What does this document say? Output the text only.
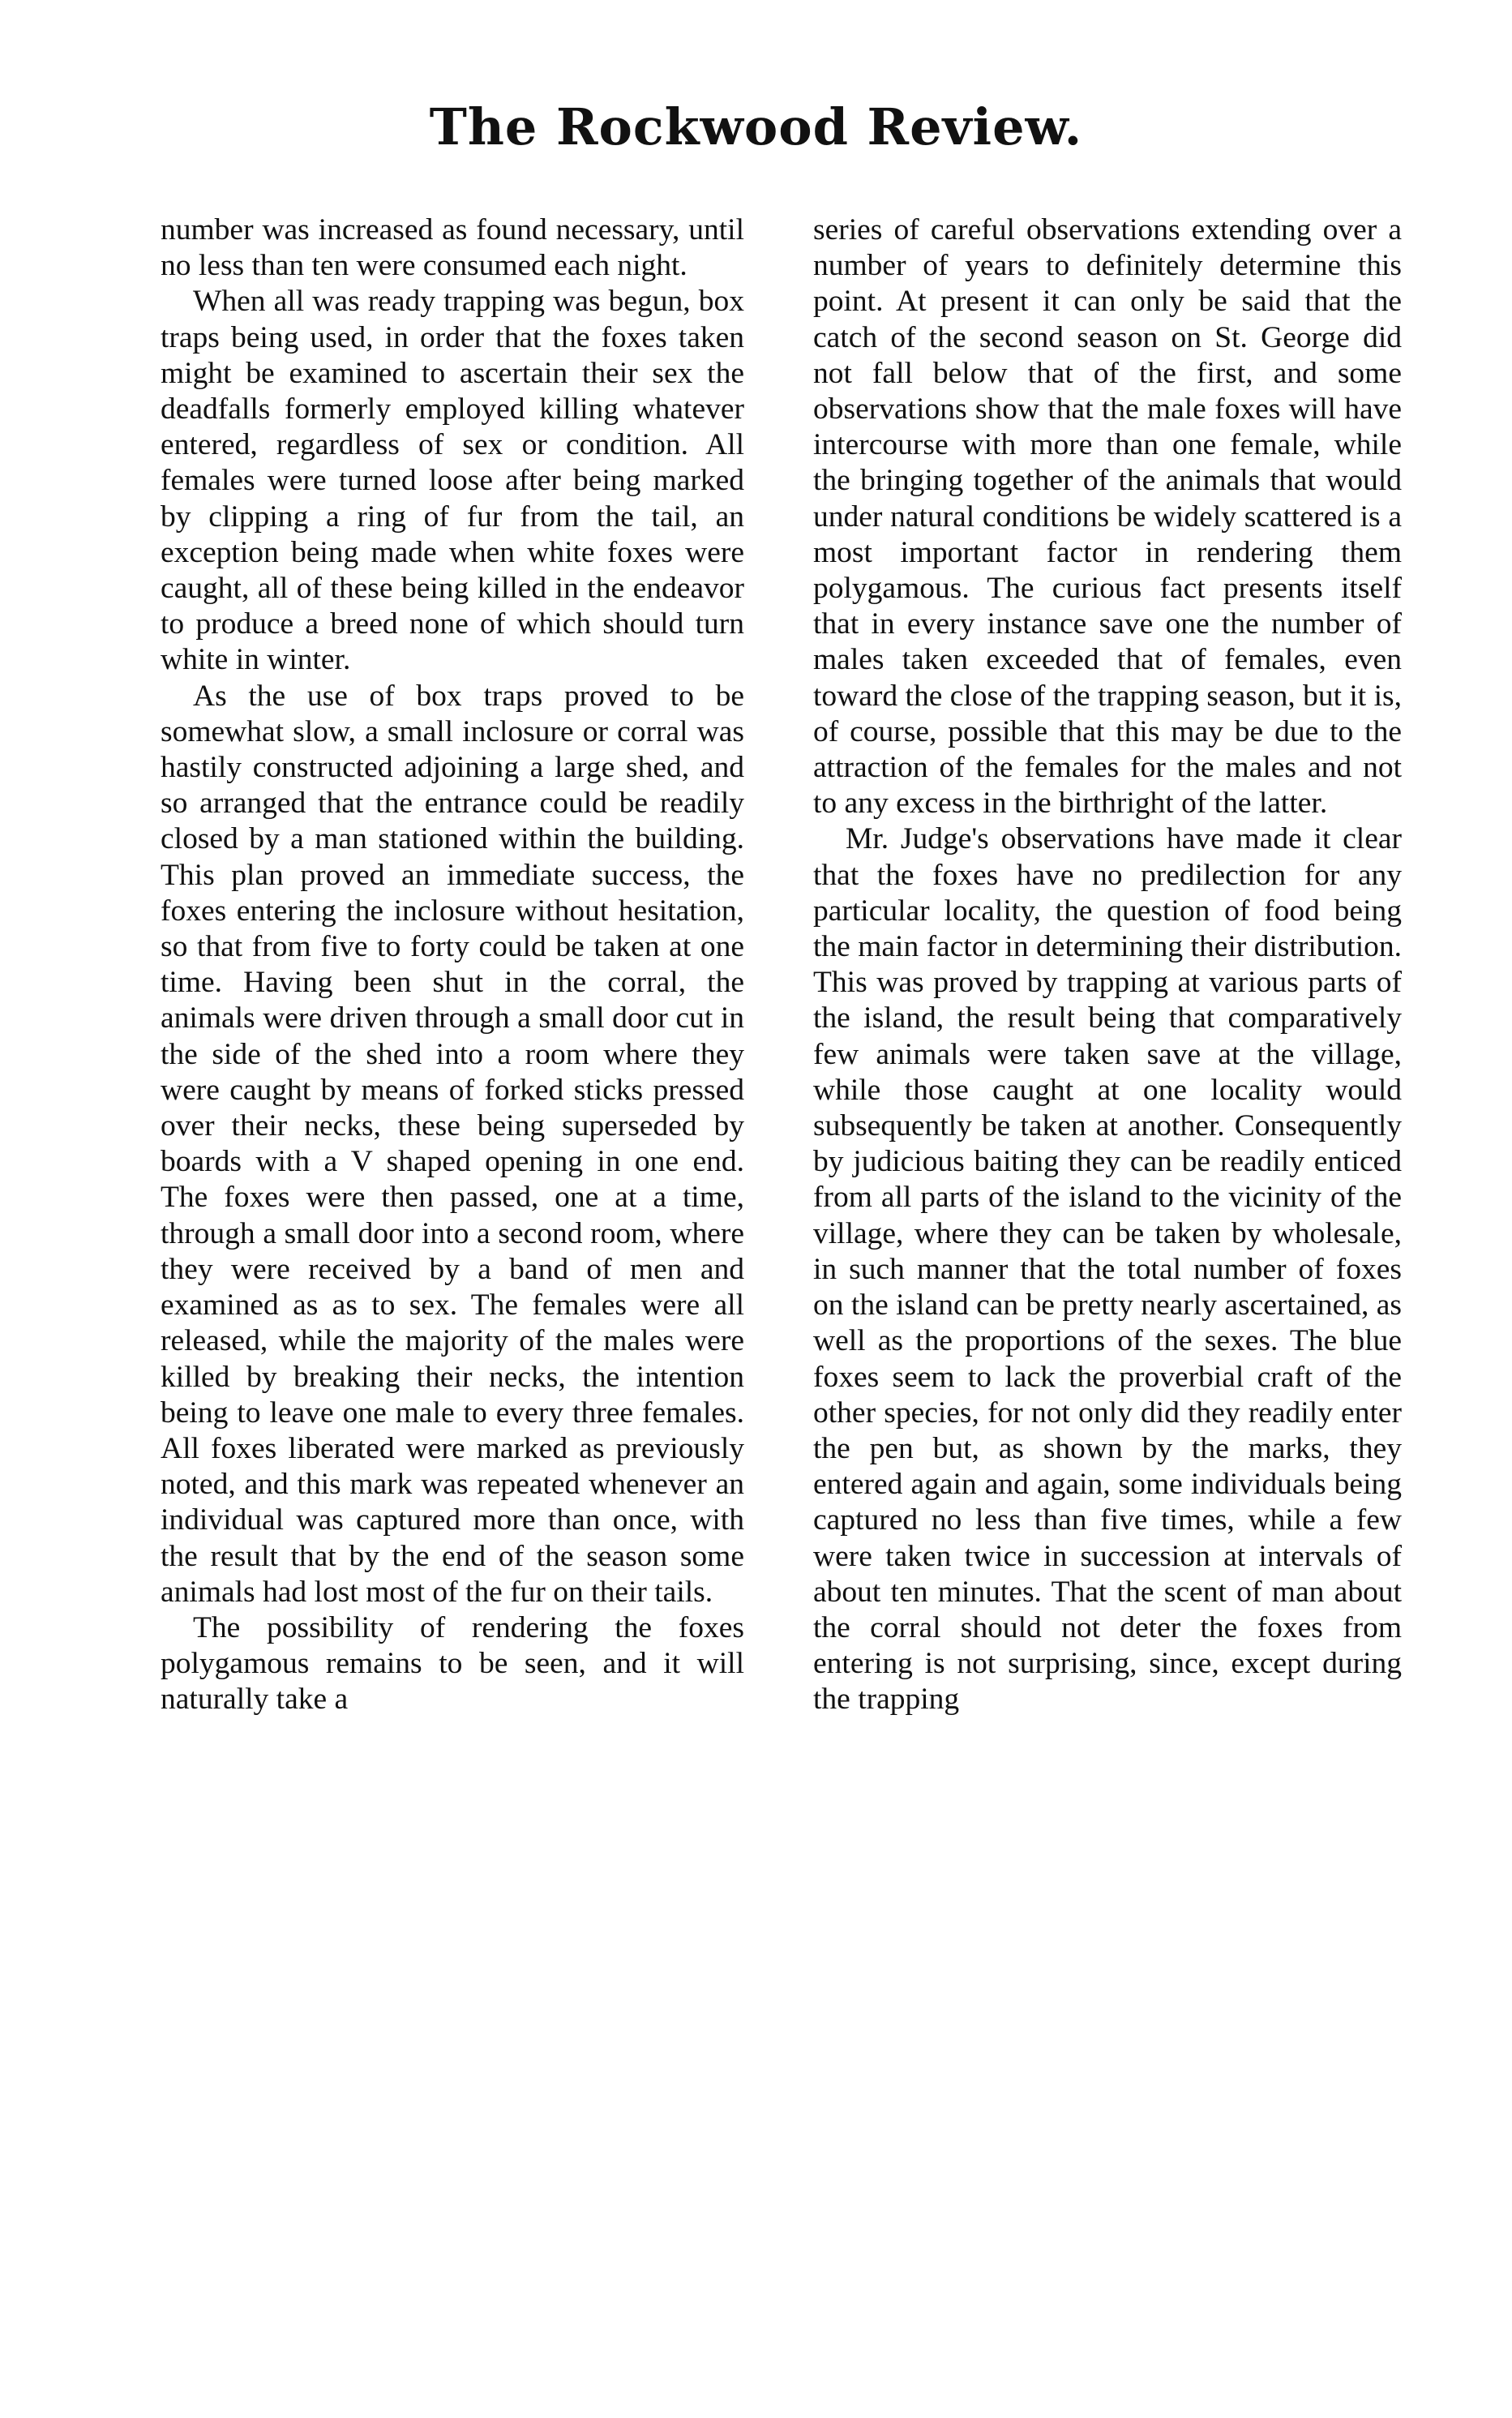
The Rockwood Review.

number was increased as found necessary, until no less than ten were consumed each night.

When all was ready trapping was begun, box traps being used, in order that the foxes taken might be examined to ascertain their sex the deadfalls formerly employed killing whatever entered, regardless of sex or condition. All females were turned loose after being marked by clipping a ring of fur from the tail, an exception being made when white foxes were caught, all of these being killed in the endeavor to produce a breed none of which should turn white in winter.

As the use of box traps proved to be somewhat slow, a small inclosure or corral was hastily constructed adjoining a large shed, and so arranged that the entrance could be readily closed by a man stationed within the building. This plan proved an immediate success, the foxes entering the inclosure without hesitation, so that from five to forty could be taken at one time. Having been shut in the corral, the animals were driven through a small door cut in the side of the shed into a room where they were caught by means of forked sticks pressed over their necks, these being superseded by boards with a V shaped opening in one end. The foxes were then passed, one at a time, through a small door into a second room, where they were received by a band of men and examined as as to sex. The females were all released, while the majority of the males were killed by breaking their necks, the intention being to leave one male to every three females. All foxes liberated were marked as previously noted, and this mark was repeated whenever an individual was captured more than once, with the result that by the end of the season some animals had lost most of the fur on their tails.

The possibility of rendering the foxes polygamous remains to be seen, and it will naturally take a

series of careful observations extending over a number of years to definitely determine this point. At present it can only be said that the catch of the second season on St. George did not fall below that of the first, and some observations show that the male foxes will have intercourse with more than one female, while the bringing together of the animals that would under natural conditions be widely scattered is a most important factor in rendering them polygamous. The curious fact presents itself that in every instance save one the number of males taken exceeded that of females, even toward the close of the trapping season, but it is, of course, possible that this may be due to the attraction of the females for the males and not to any excess in the birthright of the latter.

Mr. Judge's observations have made it clear that the foxes have no predilection for any particular locality, the question of food being the main factor in determining their distribution. This was proved by trapping at various parts of the island, the result being that comparatively few animals were taken save at the village, while those caught at one locality would subsequently be taken at another. Consequently by judicious baiting they can be readily enticed from all parts of the island to the vicinity of the village, where they can be taken by wholesale, in such manner that the total number of foxes on the island can be pretty nearly ascertained, as well as the proportions of the sexes. The blue foxes seem to lack the proverbial craft of the other species, for not only did they readily enter the pen but, as shown by the marks, they entered again and again, some individuals being captured no less than five times, while a few were taken twice in succession at intervals of about ten minutes. That the scent of man about the corral should not deter the foxes from entering is not surprising, since, except during the trapping
